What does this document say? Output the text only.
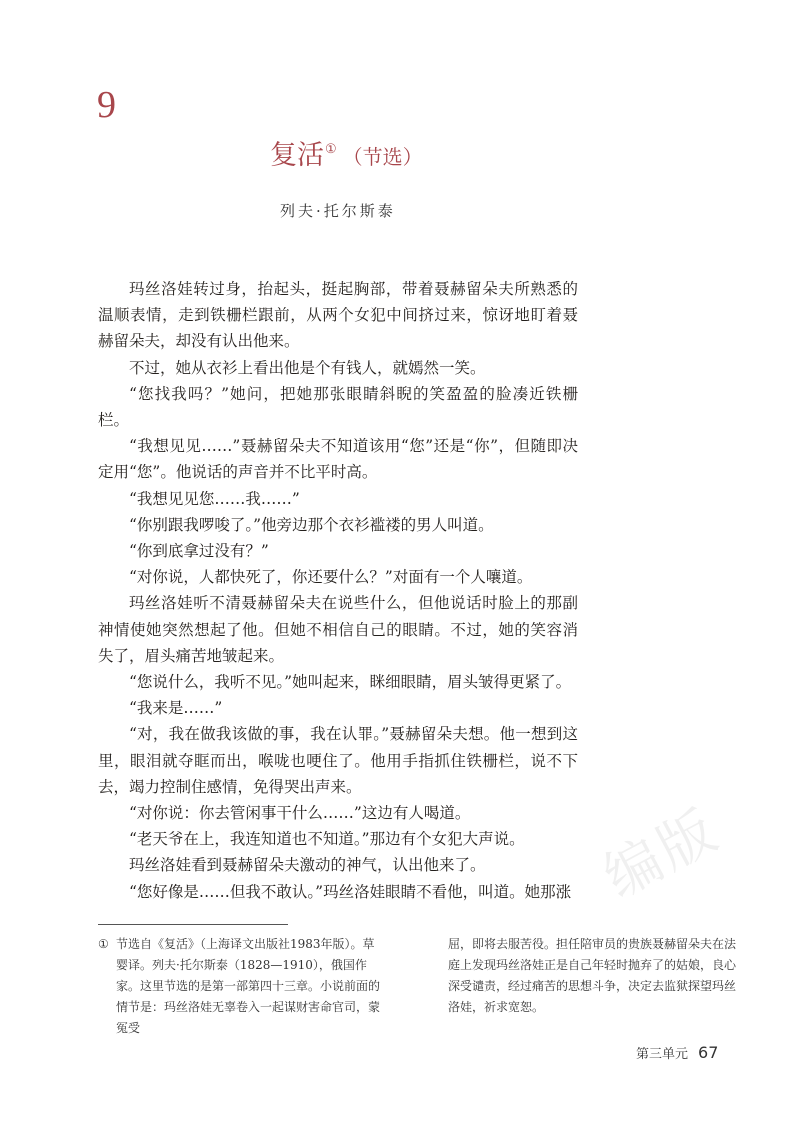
9
复活① （节选）
列夫·托尔斯泰

玛丝洛娃转过身，抬起头，挺起胸部，带着聂赫留朵夫所熟悉的温顺表情，走到铁栅栏跟前，从两个女犯中间挤过来，惊讶地盯着聂赫留朵夫，却没有认出他来。

不过，她从衣衫上看出他是个有钱人，就嫣然一笑。

“您找我吗？”她问，把她那张眼睛斜睨的笑盈盈的脸凑近铁栅栏。

“我想见见……”聂赫留朵夫不知道该用“您”还是“你”，但随即决定用“您”。他说话的声音并不比平时高。

“我想见见您……我……”

“你别跟我啰唆了。”他旁边那个衣衫褴褛的男人叫道。

“你到底拿过没有？”

“对你说，人都快死了，你还要什么？”对面有一个人嚷道。

玛丝洛娃听不清聂赫留朵夫在说些什么，但他说话时脸上的那副神情使她突然想起了他。但她不相信自己的眼睛。不过，她的笑容消失了，眉头痛苦地皱起来。

“您说什么，我听不见。”她叫起来，眯细眼睛，眉头皱得更紧了。

“我来是……”

“对，我在做我该做的事，我在认罪。”聂赫留朵夫想。他一想到这里，眼泪就夺眶而出，喉咙也哽住了。他用手指抓住铁栅栏，说不下去，竭力控制住感情，免得哭出声来。

“对你说：你去管闲事干什么……”这边有人喝道。

“老天爷在上，我连知道也不知道。”那边有个女犯大声说。

玛丝洛娃看到聂赫留朵夫激动的神气，认出他来了。

“您好像是……但我不敢认。”玛丝洛娃眼睛不看他，叫道。她那涨 编版
① 节选自《复活》（上海译文出版社1983年版）。草
婴译。列夫·托尔斯泰（1828—1910），俄国作家。这里节选的是第一部第四十三章。小说前面的情节是：玛丝洛娃无辜卷入一起谋财害命官司，蒙冤受
屈，即将去服苦役。担任陪审员的贵族聂赫留朵夫在法庭上发现玛丝洛娃正是自己年轻时抛弃了的姑娘，良心深受谴责，经过痛苦的思想斗争，决定去监狱探望玛丝洛娃，祈求宽恕。
第三单元 67
